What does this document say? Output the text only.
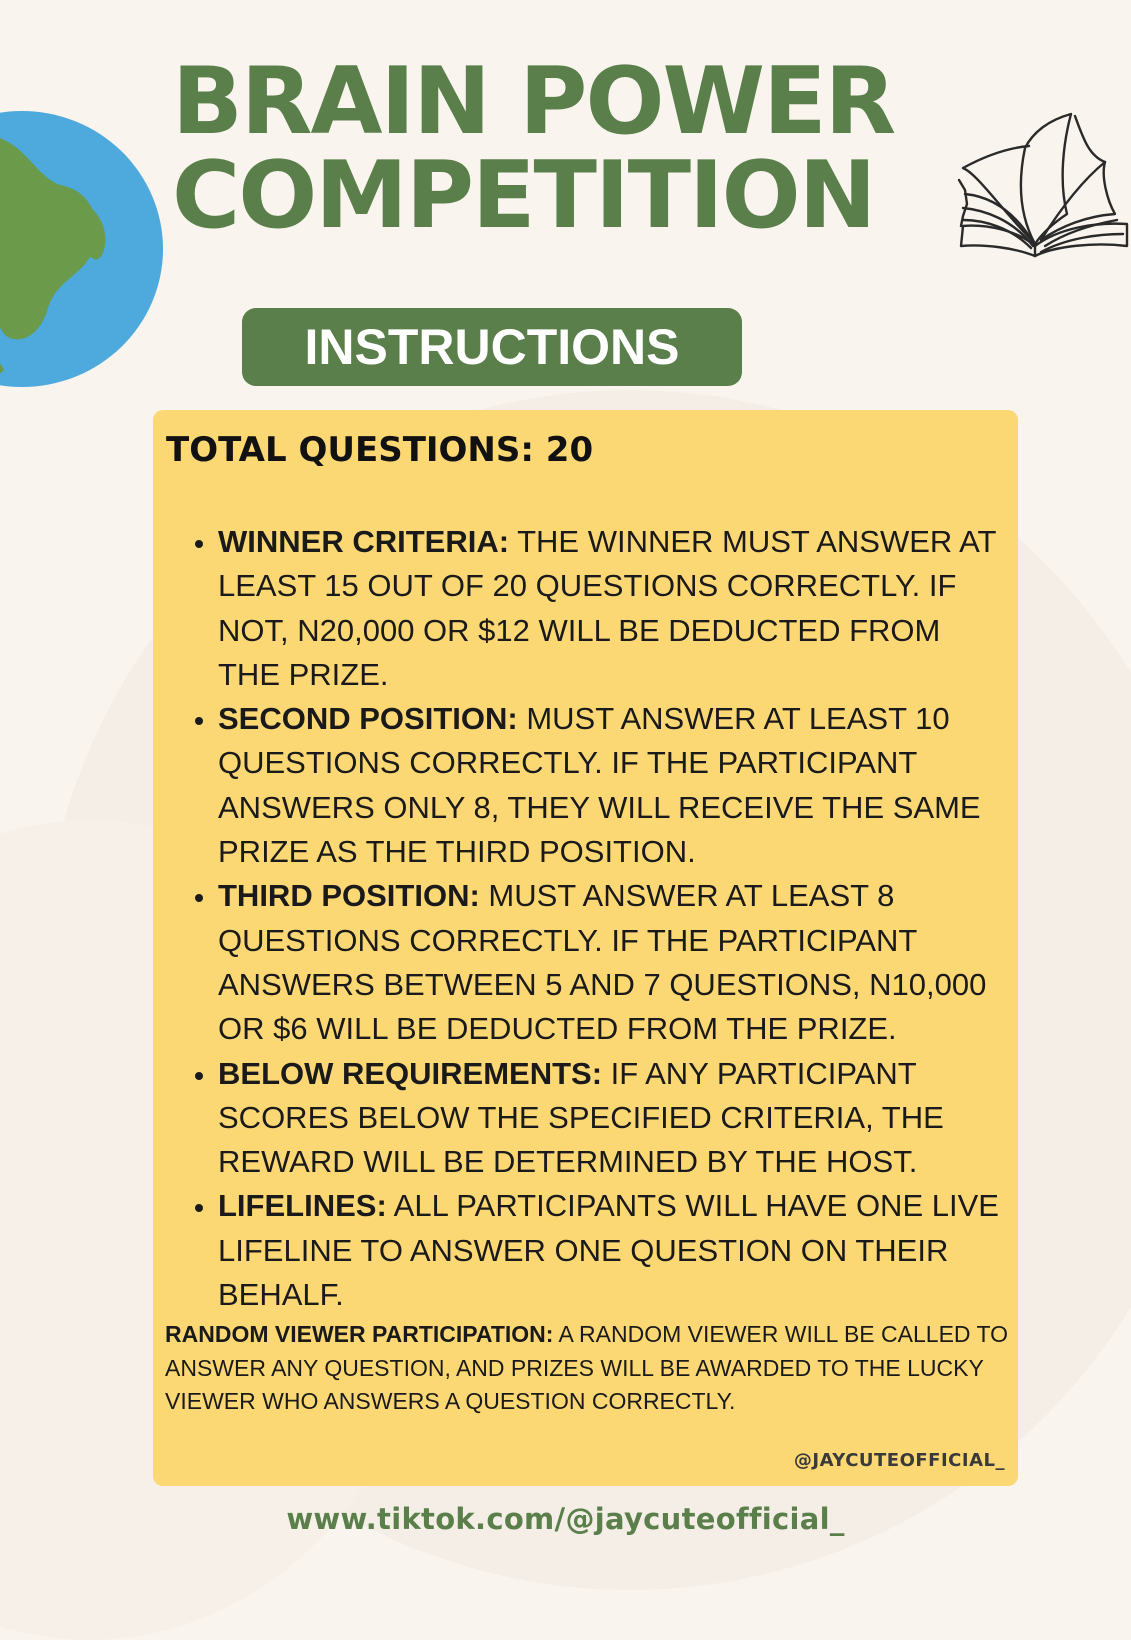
BRAIN POWER
COMPETITION
INSTRUCTIONS

TOTAL QUESTIONS: 20

• WINNER CRITERIA: THE WINNER MUST ANSWER AT LEAST 15 OUT OF 20 QUESTIONS CORRECTLY. IF NOT, N20,000 OR $12 WILL BE DEDUCTED FROM THE PRIZE.
• SECOND POSITION: MUST ANSWER AT LEAST 10 QUESTIONS CORRECTLY. IF THE PARTICIPANT ANSWERS ONLY 8, THEY WILL RECEIVE THE SAME PRIZE AS THE THIRD POSITION.
• THIRD POSITION: MUST ANSWER AT LEAST 8 QUESTIONS CORRECTLY. IF THE PARTICIPANT ANSWERS BETWEEN 5 AND 7 QUESTIONS, N10,000 OR $6 WILL BE DEDUCTED FROM THE PRIZE.
• BELOW REQUIREMENTS: IF ANY PARTICIPANT SCORES BELOW THE SPECIFIED CRITERIA, THE REWARD WILL BE DETERMINED BY THE HOST.
• LIFELINES: ALL PARTICIPANTS WILL HAVE ONE LIVE LIFELINE TO ANSWER ONE QUESTION ON THEIR BEHALF.

RANDOM VIEWER PARTICIPATION: A RANDOM VIEWER WILL BE CALLED TO ANSWER ANY QUESTION, AND PRIZES WILL BE AWARDED TO THE LUCKY VIEWER WHO ANSWERS A QUESTION CORRECTLY.

@JAYCUTEOFFICIAL_
www.tiktok.com/@jaycuteofficial_
